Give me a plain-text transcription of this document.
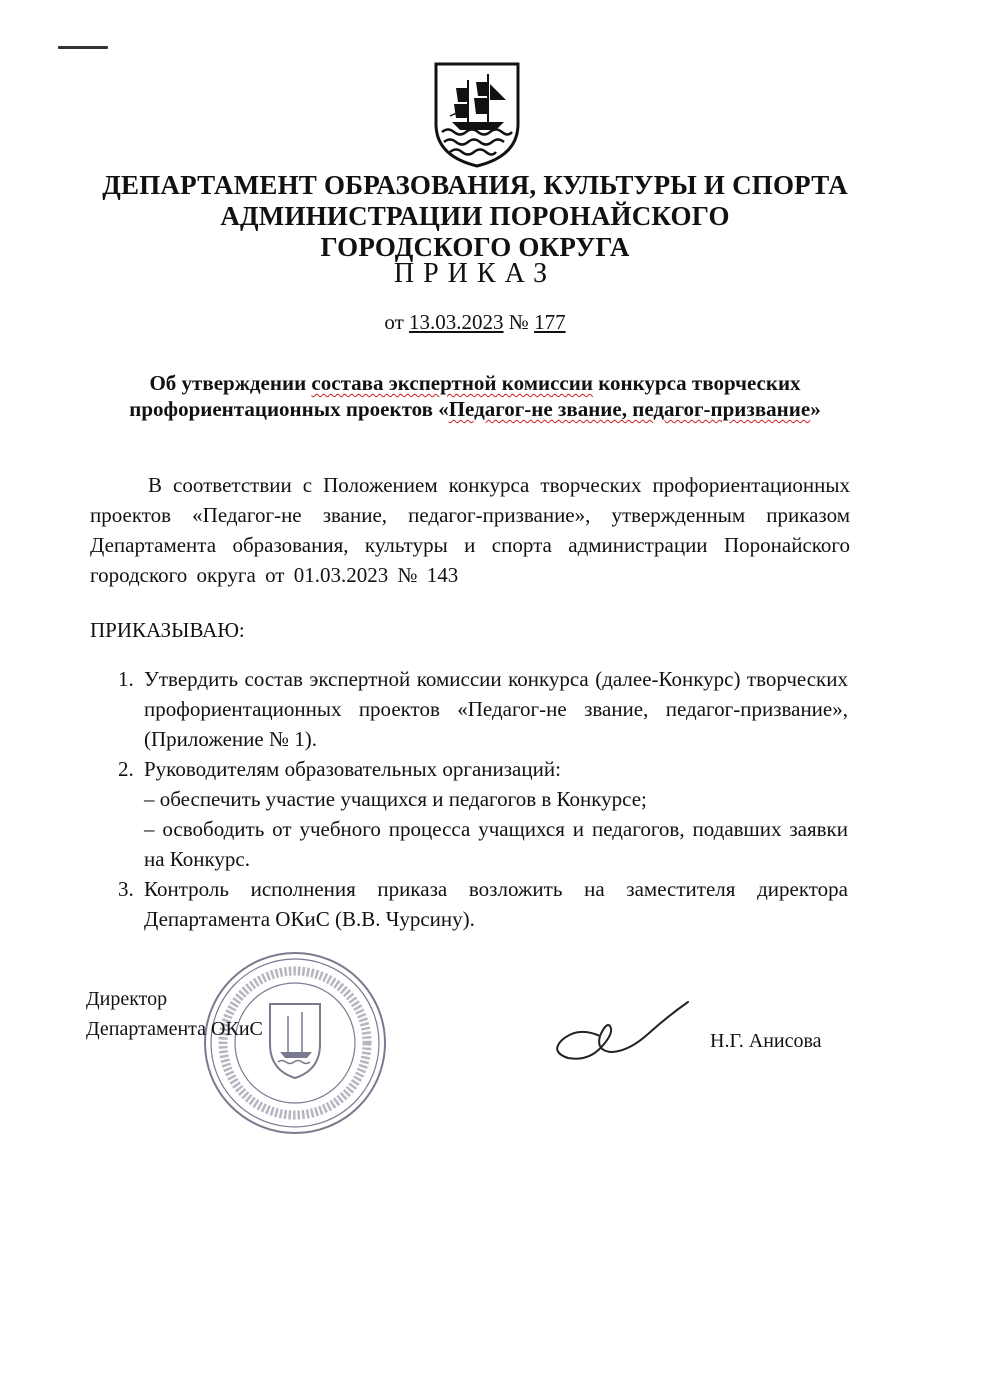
ДЕПАРТАМЕНТ ОБРАЗОВАНИЯ, КУЛЬТУРЫ И СПОРТА
АДМИНИСТРАЦИИ ПОРОНАЙСКОГО
ГОРОДСКОГО ОКРУГА
ПРИКАЗ
от 13.03.2023 № 177
Об утверждении состава экспертной комиссии конкурса творческих
профориентационных проектов «Педагог-не звание, педагог-призвание»
В соответствии с Положением конкурса творческих профориентационных проектов «Педагог-не звание, педагог-призвание», утвержденным приказом Департамента образования, культуры и спорта администрации Поронайского городского округа от 01.03.2023 № 143
ПРИКАЗЫВАЮ:
1. Утвердить состав экспертной комиссии конкурса (далее-Конкурс) творческих профориентационных проектов «Педагог-не звание, педагог-призвание», (Приложение № 1).
2. Руководителям образовательных организаций:
– обеспечить участие учащихся и педагогов в Конкурсе;
– освободить от учебного процесса учащихся и педагогов, подавших заявки на Конкурс.
3. Контроль исполнения приказа возложить на заместителя директора Департамента ОКиС (В.В. Чурсину).
Директор
Департамента ОКиС
Н.Г. Анисова
